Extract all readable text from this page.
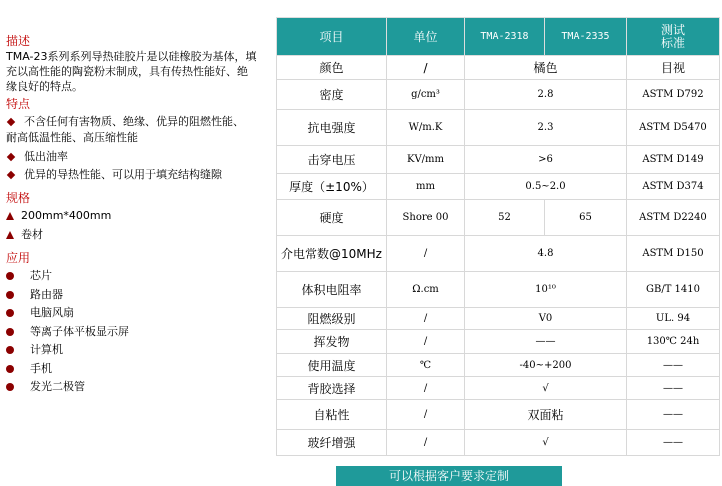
描述
TMA-23系列系列导热硅胶片是以硅橡胶为基体，填
充以高性能的陶瓷粉末制成，具有传热性能好、绝
缘良好的特点。
特点
不含任何有害物质、绝缘、优异的阻燃性能、
耐高低温性能、高压缩性能
低出油率
优异的导热性能、可以用于填充结构缝隙
规格
200mm*400mm
卷材
应用
芯片
路由器
电脑风扇
等离子体平板显示屏
计算机
手机
发光二极管
项目	单位	TMA-2318	TMA-2335	测试
标准
颜色	/	橘色		目视
密度	g/cm³	2.8		ASTM D792
抗电强度	W/m.K	2.3		ASTM D5470
击穿电压	KV/mm	>6		ASTM D149
厚度（±10%）	mm	0.5~2.0		ASTM D374
硬度	Shore 00	52	65	ASTM D2240
介电常数@10MHz	/	4.8		ASTM D150
体积电阻率	Ω.cm	10¹⁰		GB/T 1410
阻燃级别	/	V0		UL. 94
挥发物	/	——		130℃ 24h
使用温度	℃	-40~+200		——
背胶选择	/	√		——
自粘性	/	双面粘		——
玻纤增强	/	√		——
可以根据客户要求定制
